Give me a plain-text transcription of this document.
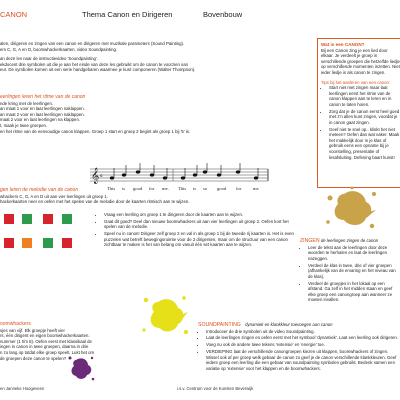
CANON	Thema Canon en Dirigeren	Bovenbouw
alen, dirigeren en zingen van een canon en dirigeren met muzikale parameters (Sound Painting).
ers C, G, A en D, boomwhackerkaarten, video Soundpainting.
an deze les naar de instructievideo 'Soundpainting'.
ekdocent drie symbolen uit die je aan het einde van deze les gebruikt om de canon te voorzien van
eur. De symbolen komen uit een serie handgebaren waarmee je kunt componeren (Walter Thompson).
eerlingen leren het ritme van de canon
nde kring met de leerlingen.
an maat 1 voor en laat leerlingen naklappen.
an maat 2 voor en laat leerlingen naklappen.
maat 2 voor en laat leerlingen na klappen.
t, maak je twee groepen.
en het ritme van de eenvoudige canon klappen. Groep 1 start en groep 2 begint als groep 1 bij '5' is.
𝄞 𝄴
This is good for me. This is so good for	me
gen leren de melodie van de canon
whackers C, G, A en D uit aan vier leerlingen uit groep 1.
hackerkaarten neer en oefen met het spelen van de melodie door de kaarten ritmisch aan te wijzen.
• Vraag een leerling om groep 1 te dirigeren door de kaarten aan te wijzen.
• Gaat dit goed? Deel dan nieuwe boomwhackers uit aan vier leerlingen uit groep 2. Oefen kort het spelen van de melodie.
• Speel nu in canon! Dirigeer zelf groep 2 en val in als groep 1 bij de tweede rij kaarten is. Het is even puzzelen wat betreft bewegingsruimte voor de 2 dirigenten, maar om de structuur van een canon zichtbaar te maken is het van belang om vanuit één set kaarten aan te wijzen.
Wat is een CANON?
Bij een Canon zing je een lied door elkaar. Je verdeelt je groep in verschillende groepen die hetzelfde liedje op verschillende momenten inzetten. Niet ieder liedje is als canon te zingen.
Tips bij het aanleren van een canon:
• Start niet met zingen maar laat leerlingen eerst het ritme van de canon klappen aan te leren en in canon te laten horen.
• Zorg dat je de canon eerst heel goed met z'n allen kunt zingen, voordat je in canon gaat zingen.
• Geef niet te snel op.. klinkt het niet meteen? Oefen dan wat vaker. Maak het makkelijk door in je klas of gebruik eens een opname bij je voorstelling, presentatie of lesafsluiting. Defening baart kunst!
ZINGEN de leerlingen zingen de canon
• Leer de tekst aan de leerlingen door deze woorden te herhalen en laat de leerlingen nazeggen.
• Verdeel de klas in twee, drie of vier groepen (afhankelijk van de ervaring en het niveau van de klas).
• Verdeel de groepjes in het lokaal op een afstand. Ga zelf in het midden staan en geef elke groep een canongroep aan wanneer ze moeten invallen.
oomwhackers
sjes van vijf. Elk groepje heeft vier
rs, één dirigent en eigen boomwhackerkaarten.
nummer (1 t/m 8). Oefen eerst met klassikaal de
ingen in canon in twee groepen, daarna in drie
n zo lang op totdat elke groep speelt. Lukt het om
de groepen deze canon te spelen?
SOUNDPAINTING dynamiek en klankkleur toevoegen aan canon
• Introduceer de drie symbolen uit de video Soundpainting.
• Laat de leerlingen zingen en oefen eerst met het symbool 'dynamiek'. Laat een leerling ook dirigeren.
• Voeg nu ook de andere twee tekens 'extensie' en 'energie' toe.
• VERDIEPING laat de verschillende canongroepen kiezen uit klappen, boomwhackers of zingen. Wissel ook af per groep welk gebaar de canon zo geef je de canon verschillende klankkleuren. Geef iedere groep een leerling die een gebaar van soundpainting symbolen gebruikt. Bedenk samen een variatie op 'extensie' voor het klappen en de boomwhackers.
en Janneke Hoogeveen	i.s.v. Centrum voor de Kunsten Beverwijk
